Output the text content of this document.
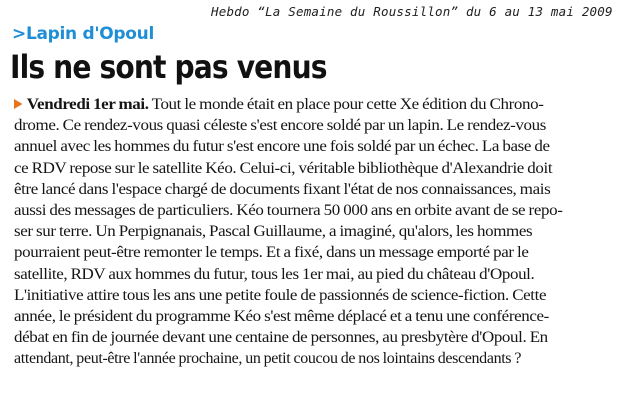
Hebdo “La Semaine du Roussillon” du 6 au 13 mai 2009
>Lapin d'Opoul
Ils ne sont pas venus
Vendredi 1er mai. Tout le monde était en place pour cette Xe édition du Chrono-
drome. Ce rendez-vous quasi céleste s'est encore soldé par un lapin. Le rendez-vous
annuel avec les hommes du futur s'est encore une fois soldé par un échec. La base de
ce RDV repose sur le satellite Kéo. Celui-ci, véritable bibliothèque d'Alexandrie doit
être lancé dans l'espace chargé de documents fixant l'état de nos connaissances, mais
aussi des messages de particuliers. Kéo tournera 50 000 ans en orbite avant de se repo-
ser sur terre. Un Perpignanais, Pascal Guillaume, a imaginé, qu'alors, les hommes
pourraient peut-être remonter le temps. Et a fixé, dans un message emporté par le
satellite, RDV aux hommes du futur, tous les 1er mai, au pied du château d'Opoul.
L'initiative attire tous les ans une petite foule de passionnés de science-fiction. Cette
année, le président du programme Kéo s'est même déplacé et a tenu une conférence-
débat en fin de journée devant une centaine de personnes, au presbytère d'Opoul. En
attendant, peut-être l'année prochaine, un petit coucou de nos lointains descendants ?
